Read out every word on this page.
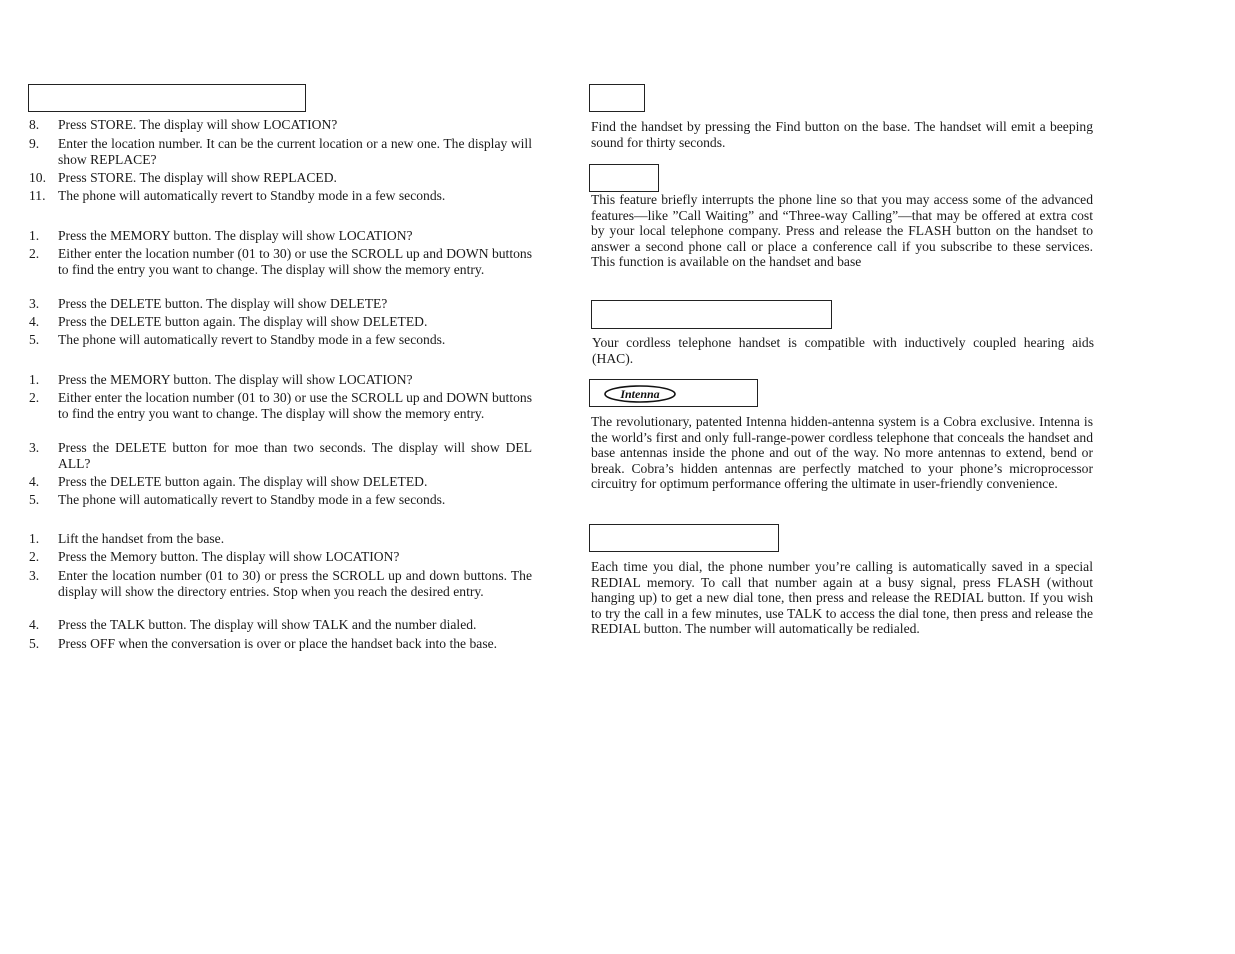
8.	Press STORE. The display will show LOCATION?
9.	Enter the location number. It can be the current location or a new one. The display will show REPLACE?
10. Press STORE. The display will show REPLACED.
11. The phone will automatically revert to Standby mode in a few seconds.
1.	Press the MEMORY button. The display will show LOCATION?
2.	Either enter the location number (01 to 30) or use the SCROLL up and DOWN buttons to find the entry you want to change. The display will show the memory entry.
3.	Press the DELETE button. The display will show DELETE?
4.	Press the DELETE button again. The display will show DELETED.
5.	The phone will automatically revert to Standby mode in a few seconds.
1.	Press the MEMORY button. The display will show LOCATION?
2.	Either enter the location number (01 to 30) or use the SCROLL up and DOWN buttons to find the entry you want to change. The display will show the memory entry.
3.	Press the DELETE button for moe than two seconds. The display will show DEL ALL?
4.	Press the DELETE button again. The display will show DELETED.
5.	The phone will automatically revert to Standby mode in a few seconds.
1.	Lift the handset from the base.
2.	Press the Memory button. The display will show LOCATION?
3.	Enter the location number (01 to 30) or press the SCROLL up and down buttons. The display will show the directory entries. Stop when you reach the desired entry.
4.	Press the TALK button. The display will show TALK and the number dialed.
5.	Press OFF when the conversation is over or place the handset back into the base.
Find the handset by pressing the Find button on the base. The handset will emit a beeping sound for thirty seconds.
This feature briefly interrupts the phone line so that you may access some of the advanced features—like ”Call Waiting” and “Three-way Calling”—that may be offered at extra cost by your local telephone company. Press and release the FLASH button on the handset to answer a second phone call or place a conference call if you subscribe to these services. This function is available on the handset and base
Your cordless telephone handset is compatible with inductively coupled hearing aids (HAC).
Intenna
The revolutionary, patented Intenna hidden-antenna system is a Cobra exclusive. Intenna is the world’s first and only full-range-power cordless telephone that conceals the handset and base antennas inside the phone and out of the way. No more antennas to extend, bend or break. Cobra’s hidden antennas are perfectly matched to your phone’s microprocessor circuitry for optimum performance offering the ultimate in user-friendly convenience.
Each time you dial, the phone number you’re calling is automatically saved in a special REDIAL memory. To call that number again at a busy signal, press FLASH (without hanging up) to get a new dial tone, then press and release the REDIAL button. If you wish to try the call in a few minutes, use TALK to access the dial tone, then press and release the REDIAL button. The number will automatically be redialed.
